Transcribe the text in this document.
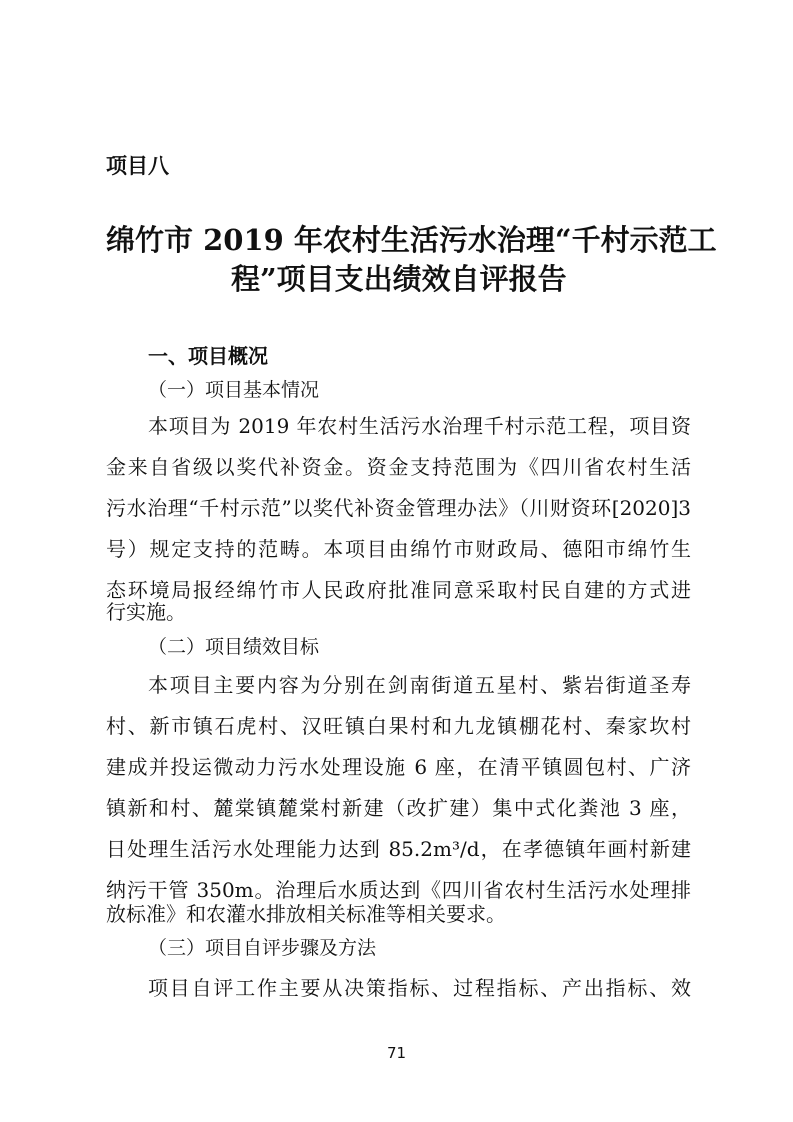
项目八
绵竹市 2019 年农村生活污水治理“千村示范工
程”项目支出绩效自评报告
一、项目概况
（一）项目基本情况
本项目为 2019 年农村生活污水治理千村示范工程，项目资
金来自省级以奖代补资金。资金支持范围为《四川省农村生活
污水治理“千村示范”以奖代补资金管理办法》（川财资环[2020]3
号）规定支持的范畴。本项目由绵竹市财政局、德阳市绵竹生
态环境局报经绵竹市人民政府批准同意采取村民自建的方式进
行实施。
（二）项目绩效目标
本项目主要内容为分别在剑南街道五星村、紫岩街道圣寿
村、新市镇石虎村、汉旺镇白果村和九龙镇棚花村、秦家坎村
建成并投运微动力污水处理设施 6 座，在清平镇圆包村、广济
镇新和村、麓棠镇麓棠村新建（改扩建）集中式化粪池 3 座，
日处理生活污水处理能力达到 85.2m³/d，在孝德镇年画村新建
纳污干管 350m。治理后水质达到《四川省农村生活污水处理排
放标准》和农灌水排放相关标准等相关要求。
（三）项目自评步骤及方法
项目自评工作主要从决策指标、过程指标、产出指标、效
71
